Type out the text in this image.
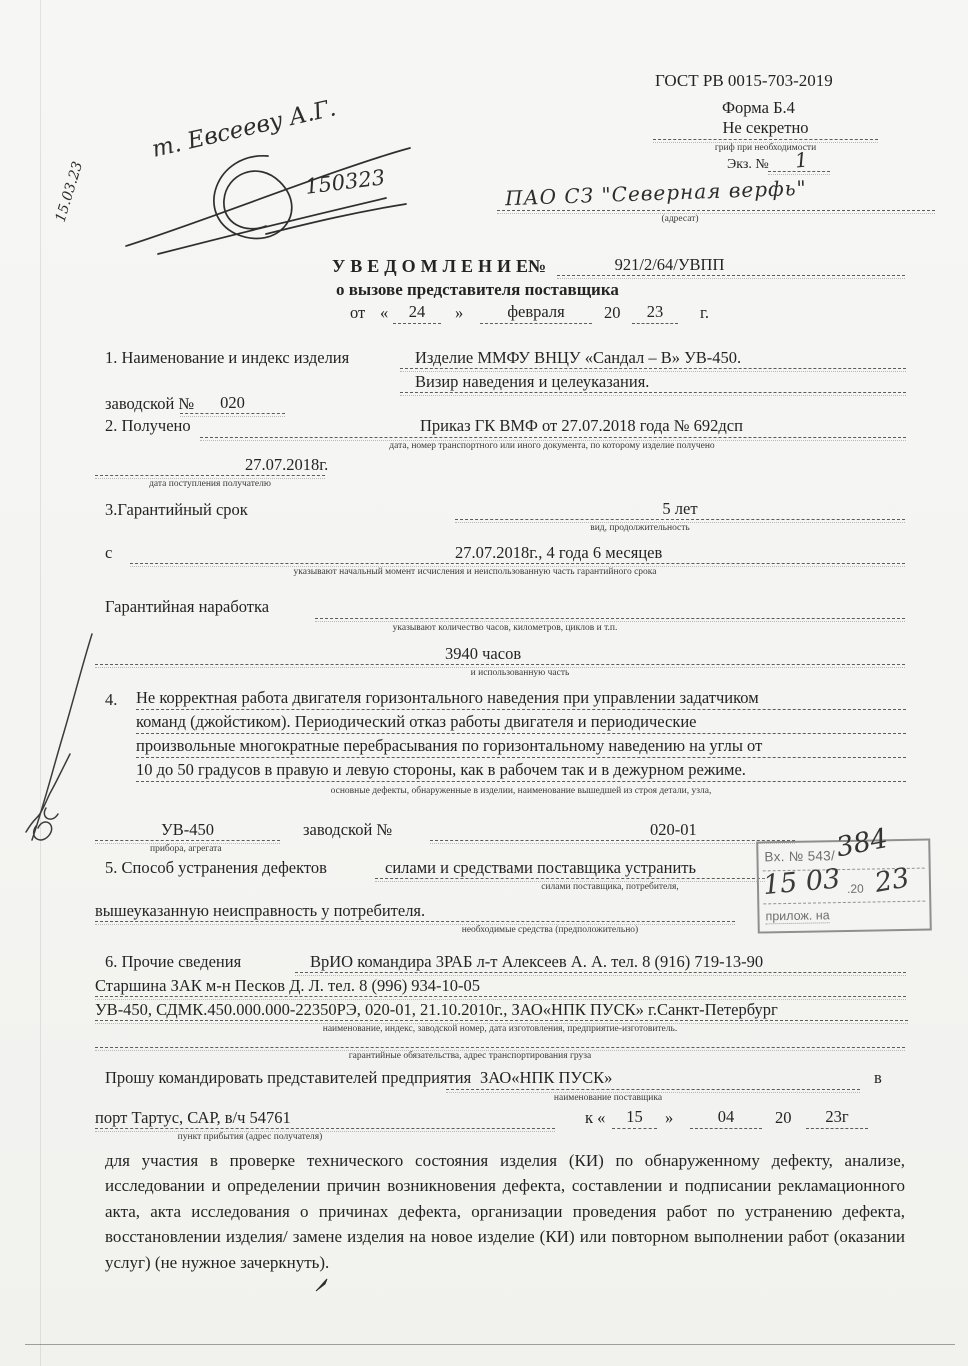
ГОСТ РВ 0015-703-2019
Форма Б.4
Не секретно
гриф при необходимости
Экз. № 1
ПАО СЗ "Северная верфь"
(адресат)
т. Евсееву А.Г.
150323
15.03.23
УВЕДОМЛЕНИЕ
№	921/2/64/УВПП
о вызове представителя поставщика
от «	24	»	февраля	20	23	г.
1. Наименование и индекс изделия	Изделие ММФУ ВНЦУ «Сандал – В» УВ-450.
Визир наведения и целеуказания.
заводской №	020
2. Получено	Приказ ГК ВМФ от 27.07.2018 года № 692дсп
дата, номер транспортного или иного документа, по которому изделие получено
27.07.2018г.
дата поступления получателю
3.Гарантийный срок	5 лет
вид, продолжительность
с	27.07.2018г., 4 года 6 месяцев
указывают начальный момент исчисления и неиспользованную часть гарантийного срока
Гарантийная наработка
указывают количество часов, километров, циклов и т.п.
3940 часов
и использованную часть
4. Не корректная работа двигателя горизонтального наведения при управлении задатчиком
команд (джойстиком). Периодический отказ работы двигателя и периодические
произвольные многократные перебрасывания по горизонтальному наведению на углы от
10 до 50 градусов в правую и левую стороны, как в рабочем так и в дежурном режиме.
основные дефекты, обнаруженные в изделии, наименование вышедшей из строя детали, узла,
УВ-450
прибора, агрегата
заводской №	020-01
5. Способ устранения дефектов	силами и средствами поставщика устранить
силами поставщика, потребителя,
вышеуказанную неисправность у потребителя.
необходимые средства (предположительно)
Вх. № 543/
384
15 03 .20 23
прилож. на
6. Прочие сведения	ВрИО командира 3РАБ л-т Алексеев А. А. тел. 8 (916) 719-13-90
Старшина ЗАК м-н Песков Д. Л. тел. 8 (996) 934-10-05
УВ-450, СДМК.450.000.000-22350РЭ, 020-01, 21.10.2010г., ЗАО«НПК ПУСК» г.Санкт-Петербург
наименование, индекс, заводской номер, дата изготовления, предприятие-изготовитель.
гарантийные обязательства, адрес транспортирования груза
Прошу командировать представителей предприятия ЗАО«НПК ПУСК»	в
наименование поставщика
порт Тартус, САР, в/ч 54761
пункт прибытия (адрес получателя)
к «	15	»	04	20	23г
для участия в проверке технического состояния изделия (КИ) по обнаруженному дефекту, анализе, исследовании и определении причин возникновения дефекта, составлении и подписании рекламационного акта, акта исследования о причинах дефекта, организации проведения работ по устранению дефекта, восстановлении изделия/ замене изделия на новое изделие (КИ) или повторном выполнении работ (оказании услуг) (не нужное зачеркнуть).
